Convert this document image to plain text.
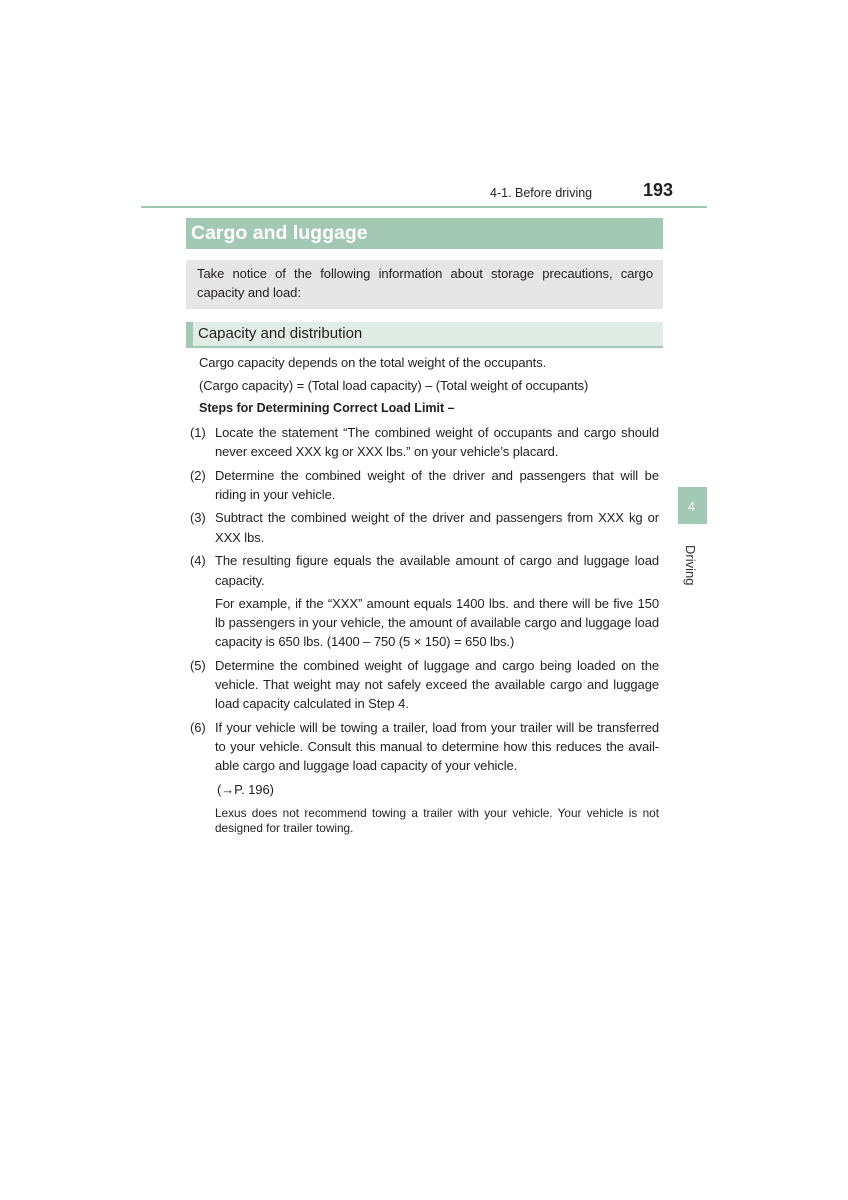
4-1. Before driving	193
Cargo and luggage
Take notice of the following information about storage precautions, cargo
capacity and load:
Capacity and distribution
Cargo capacity depends on the total weight of the occupants.
(Cargo capacity) = (Total load capacity) – (Total weight of occupants)
Steps for Determining Correct Load Limit –
(1) Locate the statement “The combined weight of occupants and cargo should
never exceed XXX kg or XXX lbs.” on your vehicle’s placard.
(2) Determine the combined weight of the driver and passengers that will be
riding in your vehicle.
(3) Subtract the combined weight of the driver and passengers from XXX kg or
XXX lbs.
(4) The resulting figure equals the available amount of cargo and luggage load
capacity.
For example, if the “XXX” amount equals 1400 lbs. and there will be five 150
lb passengers in your vehicle, the amount of available cargo and luggage load
capacity is 650 lbs. (1400 – 750 (5 × 150) = 650 lbs.)
(5) Determine the combined weight of luggage and cargo being loaded on the
vehicle. That weight may not safely exceed the available cargo and luggage
load capacity calculated in Step 4.
(6) If your vehicle will be towing a trailer, load from your trailer will be transferred
to your vehicle. Consult this manual to determine how this reduces the avail-
able cargo and luggage load capacity of your vehicle.
(→P. 196)
Lexus does not recommend towing a trailer with your vehicle. Your vehicle is not
designed for trailer towing.
4
Driving
